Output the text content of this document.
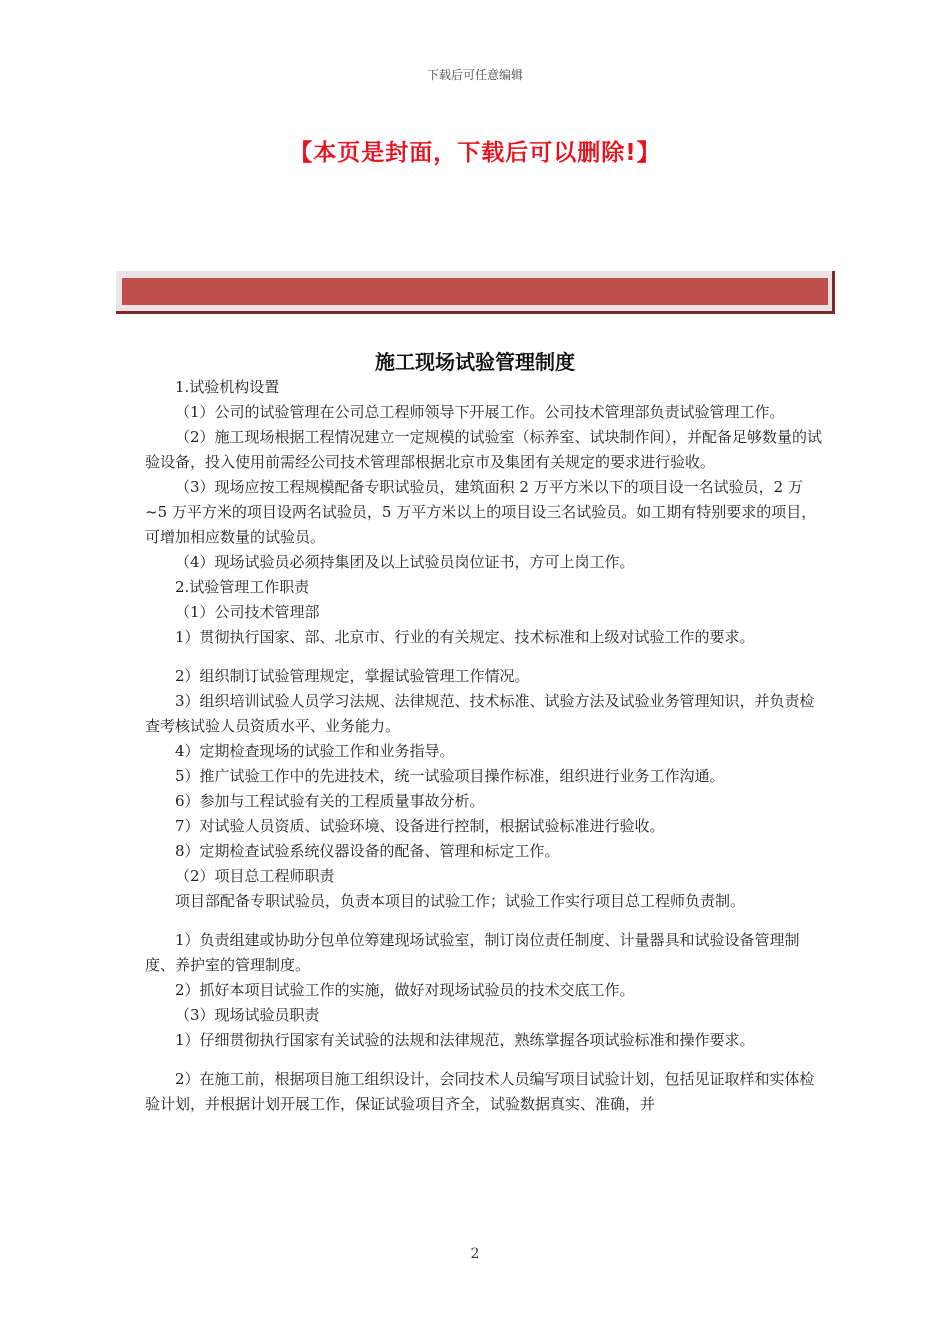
下载后可任意编辑
【本页是封面，下载后可以删除!】
施工现场试验管理制度

1.试验机构设置

（1）公司的试验管理在公司总工程师领导下开展工作。公司技术管理部负责试验管理工作。

（2）施工现场根据工程情况建立一定规模的试验室（标养室、试块制作间），并配备足够数量的试验设备，投入使用前需经公司技术管理部根据北京市及集团有关规定的要求进行验收。

（3）现场应按工程规模配备专职试验员，建筑面积 2 万平方米以下的项目设一名试验员，2 万~5 万平方米的项目设两名试验员，5 万平方米以上的项目设三名试验员。如工期有特别要求的项目，可增加相应数量的试验员。

（4）现场试验员必须持集团及以上试验员岗位证书，方可上岗工作。

2.试验管理工作职责

（1）公司技术管理部

1）贯彻执行国家、部、北京市、行业的有关规定、技术标准和上级对试验工作的要求。

2）组织制订试验管理规定，掌握试验管理工作情况。

3）组织培训试验人员学习法规、法律规范、技术标准、试验方法及试验业务管理知识，并负责检查考核试验人员资质水平、业务能力。

4）定期检查现场的试验工作和业务指导。

5）推广试验工作中的先进技术，统一试验项目操作标准，组织进行业务工作沟通。

6）参加与工程试验有关的工程质量事故分析。

7）对试验人员资质、试验环境、设备进行控制，根据试验标准进行验收。

8）定期检查试验系统仪器设备的配备、管理和标定工作。

（2）项目总工程师职责

项目部配备专职试验员，负责本项目的试验工作；试验工作实行项目总工程师负责制。

1）负责组建或协助分包单位筹建现场试验室，制订岗位责任制度、计量器具和试验设备管理制度、养护室的管理制度。

2）抓好本项目试验工作的实施，做好对现场试验员的技术交底工作。

（3）现场试验员职责

1）仔细贯彻执行国家有关试验的法规和法律规范，熟练掌握各项试验标准和操作要求。

2）在施工前，根据项目施工组织设计，会同技术人员编写项目试验计划，包括见证取样和实体检验计划，并根据计划开展工作，保证试验项目齐全，试验数据真实、准确，并

2
